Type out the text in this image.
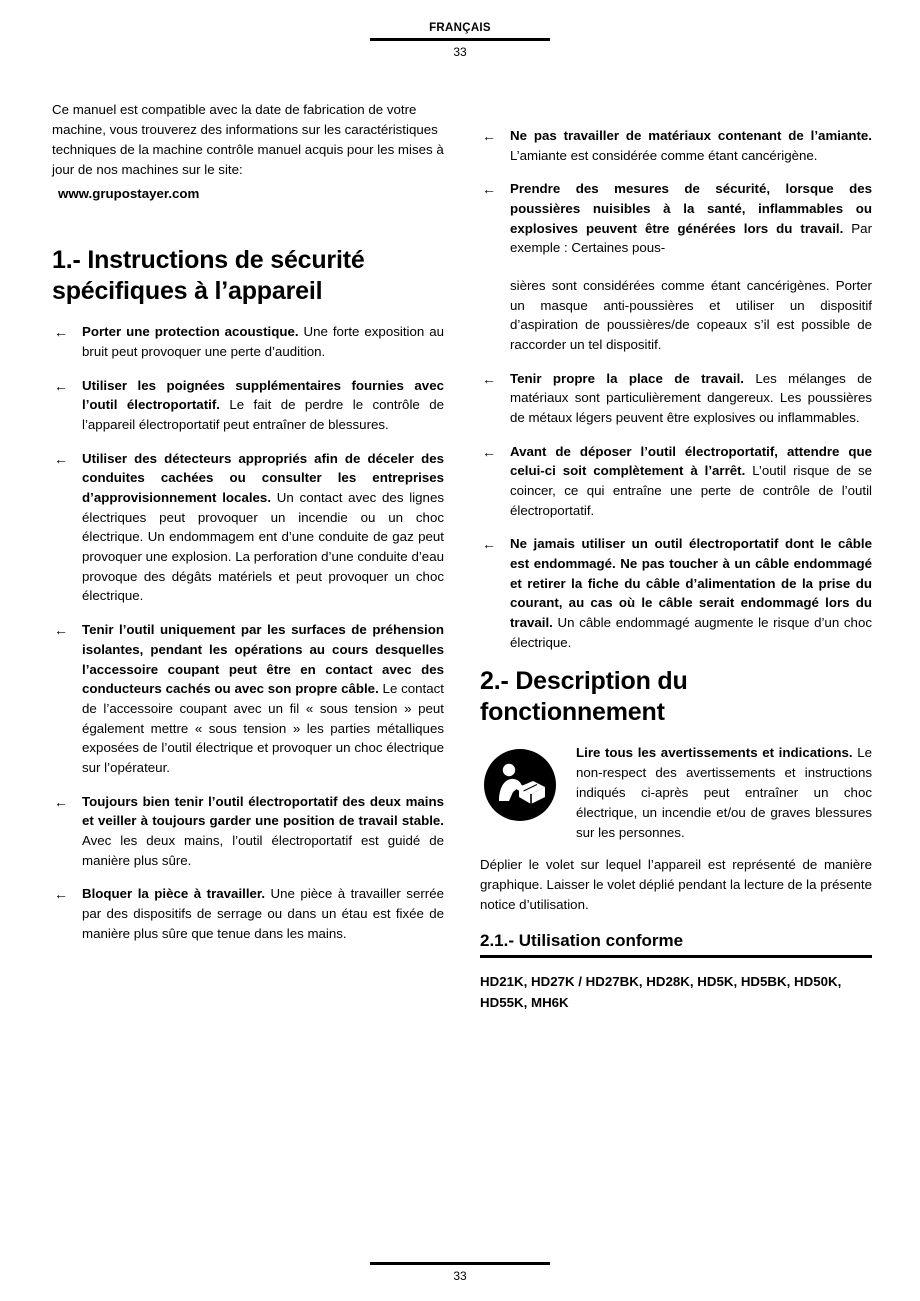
FRANÇAIS
33

Ce manuel est compatible avec la date de fabrication de votre machine, vous trouverez des informations sur les caractéristiques techniques de la machine contrôle manuel acquis pour les mises à jour de nos machines sur le site:

www.grupostayer.com

1.- Instructions de sécurité spécifiques à l’appareil
← Porter une protection acoustique. Une forte exposition au bruit peut provoquer une perte d’audition.
← Utiliser les poignées supplémentaires fournies avec l’outil électroportatif. Le fait de perdre le contrôle de l’appareil électroportatif peut entraîner de blessures.
← Utiliser des détecteurs appropriés afin de déceler des conduites cachées ou consulter les entreprises d’approvisionnement locales. Un contact avec des lignes électriques peut provoquer un incendie ou un choc électrique. Un endommagem ent d’une conduite de gaz peut provoquer une explosion. La perforation d’une conduite d’eau provoque des dégâts matériels et peut provoquer un choc électrique.
← Tenir l’outil uniquement par les surfaces de préhension isolantes, pendant les opérations au cours desquelles l’accessoire coupant peut être en contact avec des conducteurs cachés ou avec son propre câble. Le contact de l’accessoire coupant avec un fil « sous tension » peut également mettre « sous tension » les parties métalliques exposées de l’outil électrique et provoquer un choc électrique sur l’opérateur.
← Toujours bien tenir l’outil électroportatif des deux mains et veiller à toujours garder une position de travail stable. Avec les deux mains, l’outil électroportatif est guidé de manière plus sûre.
← Bloquer la pièce à travailler. Une pièce à travailler serrée par des dispositifs de serrage ou dans un étau est fixée de manière plus sûre que tenue dans les mains.
← Ne pas travailler de matériaux contenant de l’amiante. L’amiante est considérée comme étant cancérigène.
← Prendre des mesures de sécurité, lorsque des poussières nuisibles à la santé, inflammables ou explosives peuvent être générées lors du travail. Par exemple : Certaines pous-
sières sont considérées comme étant cancérigènes. Porter un masque anti-poussières et utiliser un dispositif d’aspiration de poussières/de copeaux s’il est possible de raccorder un tel dispositif.
← Tenir propre la place de travail. Les mélanges de matériaux sont particulièrement dangereux. Les poussières de métaux légers peuvent être explosives ou inflammables.
← Avant de déposer l’outil électroportatif, attendre que celui-ci soit complètement à l’arrêt. L’outil risque de se coincer, ce qui entraîne une perte de contrôle de l’outil électroportatif.
← Ne jamais utiliser un outil électroportatif dont le câble est endommagé. Ne pas toucher à un câble endommagé et retirer la fiche du câble d’alimentation de la prise du courant, au cas où le câble serait endommagé lors du travail. Un câble endommagé augmente le risque d’un choc électrique.
2.- Description du fonctionnement
Lire tous les avertissements et indications. Le non-respect des avertissements et instructions indiqués ci-après peut entraîner un choc électrique, un incendie et/ou de graves blessures sur les personnes.

Déplier le volet sur lequel l’appareil est représenté de manière graphique. Laisser le volet déplié pendant la lecture de la présente notice d’utilisation.

2.1.- Utilisation conforme

HD21K, HD27K / HD27BK, HD28K, HD5K, HD5BK, HD50K, HD55K, MH6K

33
